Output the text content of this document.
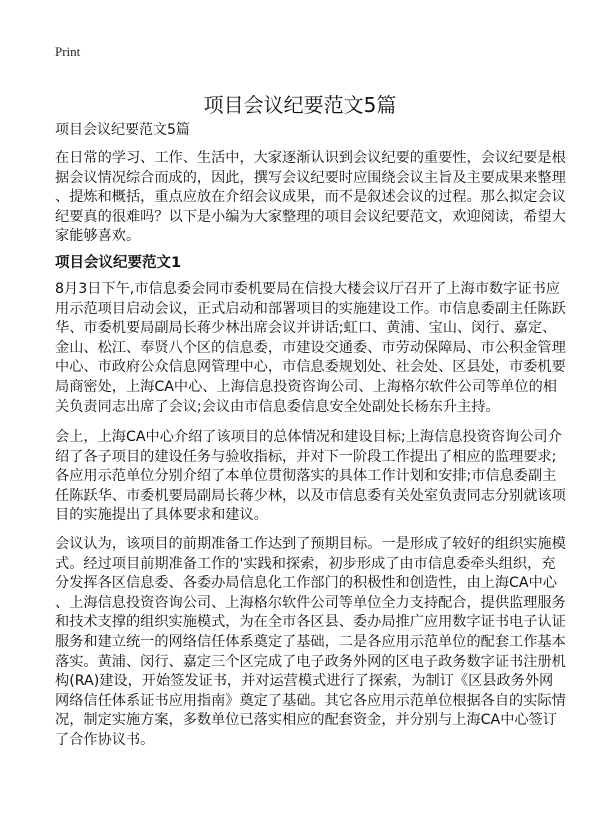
Print
项目会议纪要范文5篇
项目会议纪要范文5篇
在日常的学习、工作、生活中，大家逐渐认识到会议纪要的重要性，会议纪要是根
据会议情况综合而成的，因此，撰写会议纪要时应围绕会议主旨及主要成果来整理
、提炼和概括，重点应放在介绍会议成果，而不是叙述会议的过程。那么拟定会议
纪要真的很难吗？以下是小编为大家整理的项目会议纪要范文，欢迎阅读，希望大
家能够喜欢。
项目会议纪要范文1
8月3日下午,市信息委会同市委机要局在信投大楼会议厅召开了上海市数字证书应
用示范项目启动会议，正式启动和部署项目的实施建设工作。市信息委副主任陈跃
华、市委机要局副局长蒋少林出席会议并讲话;虹口、黄浦、宝山、闵行、嘉定、
金山、松江、奉贤八个区的信息委，市建设交通委、市劳动保障局、市公积金管理
中心、市政府公众信息网管理中心，市信息委规划处、社会处、区县处，市委机要
局商密处，上海CA中心、上海信息投资咨询公司、上海格尔软件公司等单位的相
关负责同志出席了会议;会议由市信息委信息安全处副处长杨东升主持。
会上，上海CA中心介绍了该项目的总体情况和建设目标;上海信息投资咨询公司介
绍了各子项目的建设任务与验收指标，并对下一阶段工作提出了相应的监理要求;
各应用示范单位分别介绍了本单位贯彻落实的具体工作计划和安排;市信息委副主
任陈跃华、市委机要局副局长蒋少林，以及市信息委有关处室负责同志分别就该项
目的实施提出了具体要求和建议。
会议认为，该项目的前期准备工作达到了预期目标。一是形成了较好的组织实施模
式。经过项目前期准备工作的'实践和探索，初步形成了由市信息委牵头组织，充
分发挥各区信息委、各委办局信息化工作部门的积极性和创造性，由上海CA中心
、上海信息投资咨询公司、上海格尔软件公司等单位全力支持配合，提供监理服务
和技术支撑的组织实施模式，为在全市各区县、委办局推广应用数字证书电子认证
服务和建立统一的网络信任体系奠定了基础，二是各应用示范单位的配套工作基本
落实。黄浦、闵行、嘉定三个区完成了电子政务外网的区电子政务数字证书注册机
构(RA)建设，开始签发证书，并对运营模式进行了探索，为制订《区县政务外网
网络信任体系证书应用指南》奠定了基础。其它各应用示范单位根据各自的实际情
况，制定实施方案，多数单位已落实相应的配套资金，并分别与上海CA中心签订
了合作协议书。
